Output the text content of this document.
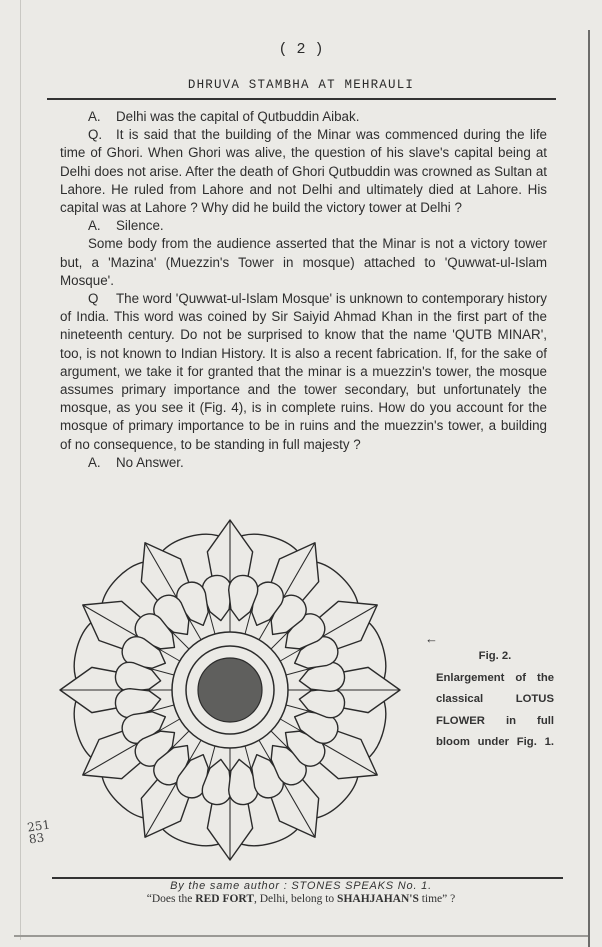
( 2 )
DHRUVA STAMBHA AT MEHRAULI

A. Delhi was the capital of Qutbuddin Aibak.

Q. It is said that the building of the Minar was commenced during the life time of Ghori. When Ghori was alive, the question of his slave's capital being at Delhi does not arise. After the death of Ghori Qutbuddin was crowned as Sultan at Lahore. He ruled from Lahore and not Delhi and ultimately died at Lahore. His capital was at Lahore ? Why did he build the victory tower at Delhi ?

A. Silence.

Some body from the audience asserted that the Minar is not a victory tower but, a 'Mazina' (Muezzin's Tower in mosque) attached to 'Quwwat-ul-Islam Mosque'.

Q The word 'Quwwat-ul-Islam Mosque' is unknown to contemporary history of India. This word was coined by Sir Saiyid Ahmad Khan in the first part of the nineteenth century. Do not be surprised to know that the name 'QUTB MINAR', too, is not known to Indian History. It is also a recent fabrication. If, for the sake of argument, we take it for granted that the minar is a muezzin's tower, the mosque assumes primary importance and the tower secondary, but unfortunately the mosque, as you see it (Fig. 4), is in complete ruins. How do you account for the mosque of primary importance to be in ruins and the muezzin's tower, a building of no consequence, to be standing in full majesty ?

A. No Answer.

←
Fig. 2.
Enlargement of the
classical LOTUS
FLOWER in full
bloom under Fig. 1.
251
83
By the same author : STONES SPEAKS No. 1.
“Does the RED FORT, Delhi, belong to SHAHJAHAN'S time” ?
